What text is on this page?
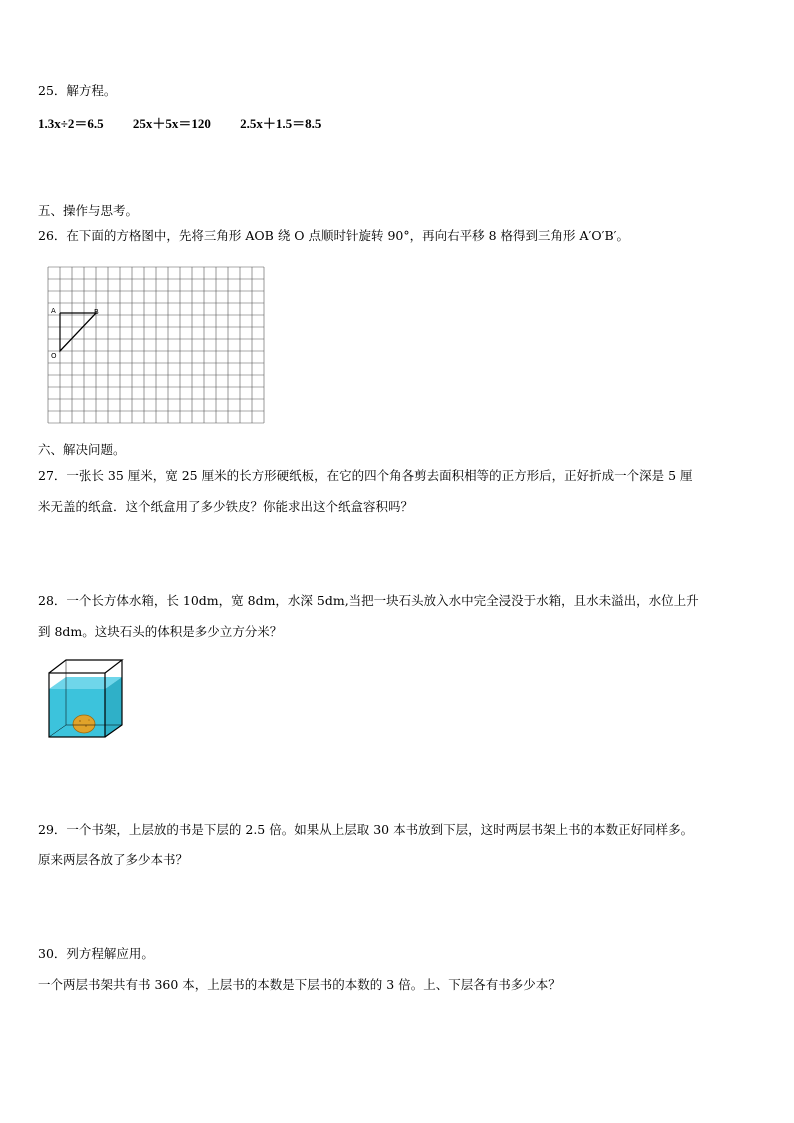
25．解方程。
1.3x÷2＝6.5 25x＋5x＝120 2.5x＋1.5＝8.5
五、操作与思考。
26．在下面的方格图中，先将三角形 AOB 绕 O 点顺时针旋转 90°，再向右平移 8 格得到三角形 A′O′B′。
A	B
O
六、解决问题。
27．一张长 35 厘米，宽 25 厘米的长方形硬纸板，在它的四个角各剪去面积相等的正方形后，正好折成一个深是 5 厘
米无盖的纸盒．这个纸盒用了多少铁皮？你能求出这个纸盒容积吗？
28．一个长方体水箱，长 10dm，宽 8dm，水深 5dm,当把一块石头放入水中完全浸没于水箱，且水未溢出，水位上升
到 8dm。这块石头的体积是多少立方分米？
29．一个书架，上层放的书是下层的 2.5 倍。如果从上层取 30 本书放到下层，这时两层书架上书的本数正好同样多。
原来两层各放了多少本书？
30．列方程解应用。
一个两层书架共有书 360 本，上层书的本数是下层书的本数的 3 倍。上、下层各有书多少本？
